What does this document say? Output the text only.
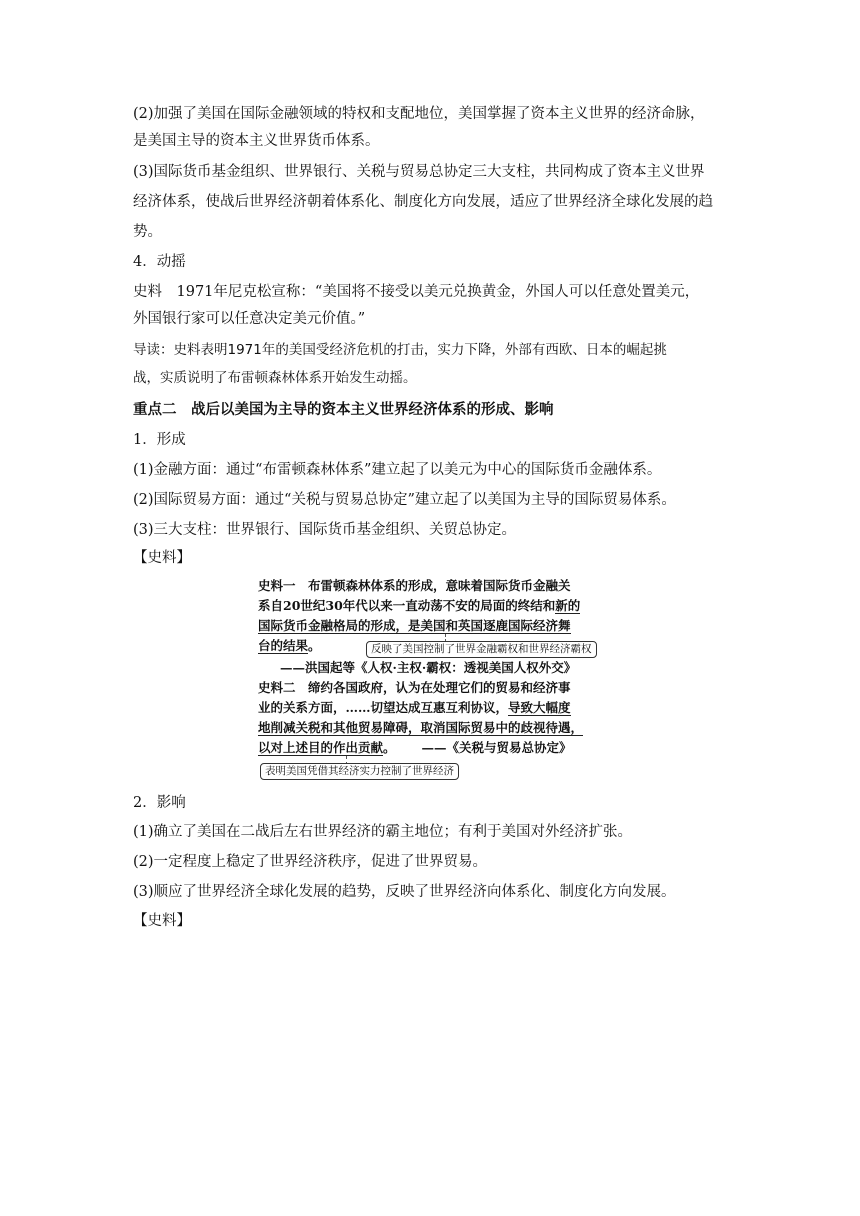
(2)加强了美国在国际金融领域的特权和支配地位，美国掌握了资本主义世界的经济命脉，
是美国主导的资本主义世界货币体系。
(3)国际货币基金组织、世界银行、关税与贸易总协定三大支柱，共同构成了资本主义世界
经济体系，使战后世界经济朝着体系化、制度化方向发展，适应了世界经济全球化发展的趋
势。
4．动摇
史料　1971年尼克松宣称：“美国将不接受以美元兑换黄金，外国人可以任意处置美元，
外国银行家可以任意决定美元价值。”
导读：史料表明1971年的美国受经济危机的打击，实力下降，外部有西欧、日本的崛起挑
战，实质说明了布雷顿森林体系开始发生动摇。
重点二　战后以美国为主导的资本主义世界经济体系的形成、影响
1．形成
(1)金融方面：通过“布雷顿森林体系”建立起了以美元为中心的国际货币金融体系。
(2)国际贸易方面：通过“关税与贸易总协定”建立起了以美国为主导的国际贸易体系。
(3)三大支柱：世界银行、国际货币基金组织、关贸总协定。
【史料】
史料一　布雷顿森林体系的形成，意味着国际货币金融关
系自20世纪30年代以来一直动荡不安的局面的终结和新的
国际货币金融格局的形成，是美国和英国逐鹿国际经济舞
台的结果。	反映了美国控制了世界金融霸权和世界经济霸权
——洪国起等《人权·主权·霸权：透视美国人权外交》
史料二　缔约各国政府，认为在处理它们的贸易和经济事
业的关系方面，……切望达成互惠互利协议，导致大幅度
地削减关税和其他贸易障碍，取消国际贸易中的歧视待遇，
以对上述目的作出贡献。 ——《关税与贸易总协定》
表明美国凭借其经济实力控制了世界经济
2．影响
(1)确立了美国在二战后左右世界经济的霸主地位；有利于美国对外经济扩张。
(2)一定程度上稳定了世界经济秩序，促进了世界贸易。
(3)顺应了世界经济全球化发展的趋势，反映了世界经济向体系化、制度化方向发展。
【史料】
